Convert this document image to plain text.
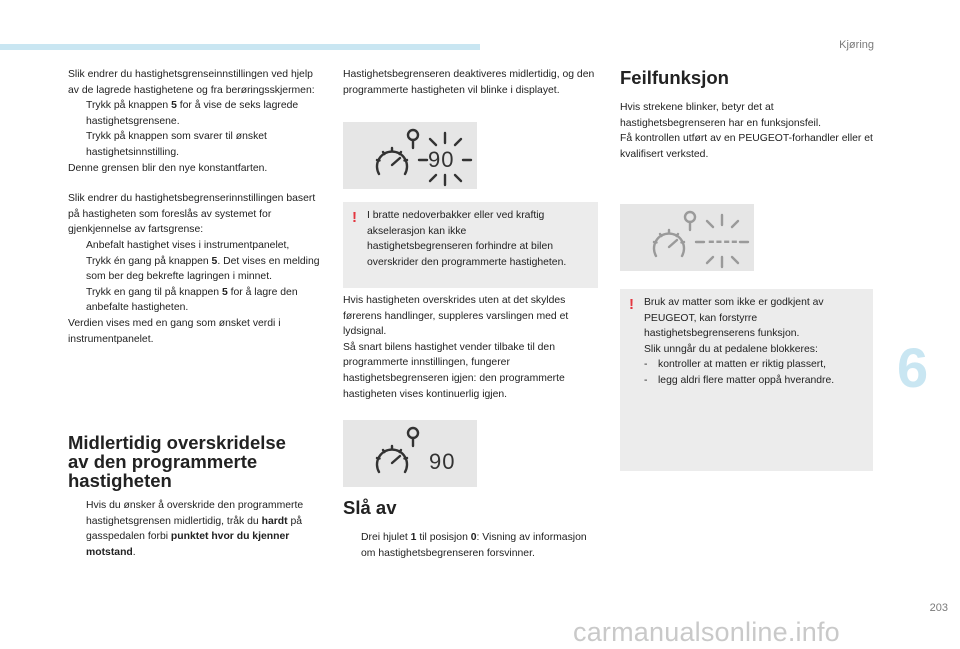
Kjøring
6
203
carmanualsonline.info

Slik endrer du hastighetsgrenseinnstillingen ved hjelp av de lagrede hastighetene og fra berøringsskjermen:

Trykk på knappen 5 for å vise de seks lagrede hastighetsgrensene.
Trykk på knappen som svarer til ønsket hastighetsinnstilling.

Denne grensen blir den nye konstantfarten.

Slik endrer du hastighetsbegrenserinnstillingen basert på hastigheten som foreslås av systemet for gjenkjennelse av fartsgrense:

Anbefalt hastighet vises i instrumentpanelet,
Trykk én gang på knappen 5. Det vises en melding som ber deg bekrefte lagringen i minnet.
Trykk en gang til på knappen 5 for å lagre den anbefalte hastigheten.

Verdien vises med en gang som ønsket verdi i instrumentpanelet.

Midlertidig overskridelse
av den programmerte
hastigheten
Hvis du ønsker å overskride den programmerte hastighetsgrensen midlertidig, tråk du hardt på gasspedalen forbi punktet hvor du kjenner motstand.

Hastighetsbegrenseren deaktiveres midlertidig, og den programmerte hastigheten vil blinke i displayet.

90
! I bratte nedoverbakker eller ved kraftig akselerasjon kan ikke hastighetsbegrenseren forhindre at bilen overskrider den programmerte hastigheten.

Hvis hastigheten overskrides uten at det skyldes førerens handlinger, suppleres varslingen med et lydsignal.

Så snart bilens hastighet vender tilbake til den programmerte innstillingen, fungerer hastighetsbegrenseren igjen: den programmerte hastigheten vises kontinuerlig igjen.

90
Slå av
Drei hjulet 1 til posisjon 0: Visning av informasjon om hastighetsbegrenseren forsvinner.
Feilfunksjon

Hvis strekene blinker, betyr det at hastighetsbegrenseren har en funksjonsfeil.

Få kontrollen utført av en PEUGEOT-forhandler eller et kvalifisert verksted.

----
! Bruk av matter som ikke er godkjent av PEUGEOT, kan forstyrre hastighetsbegrenserens funksjon.

Slik unngår du at pedalene blokkeres:

- kontroller at matten er riktig plassert,
- legg aldri flere matter oppå hverandre.
